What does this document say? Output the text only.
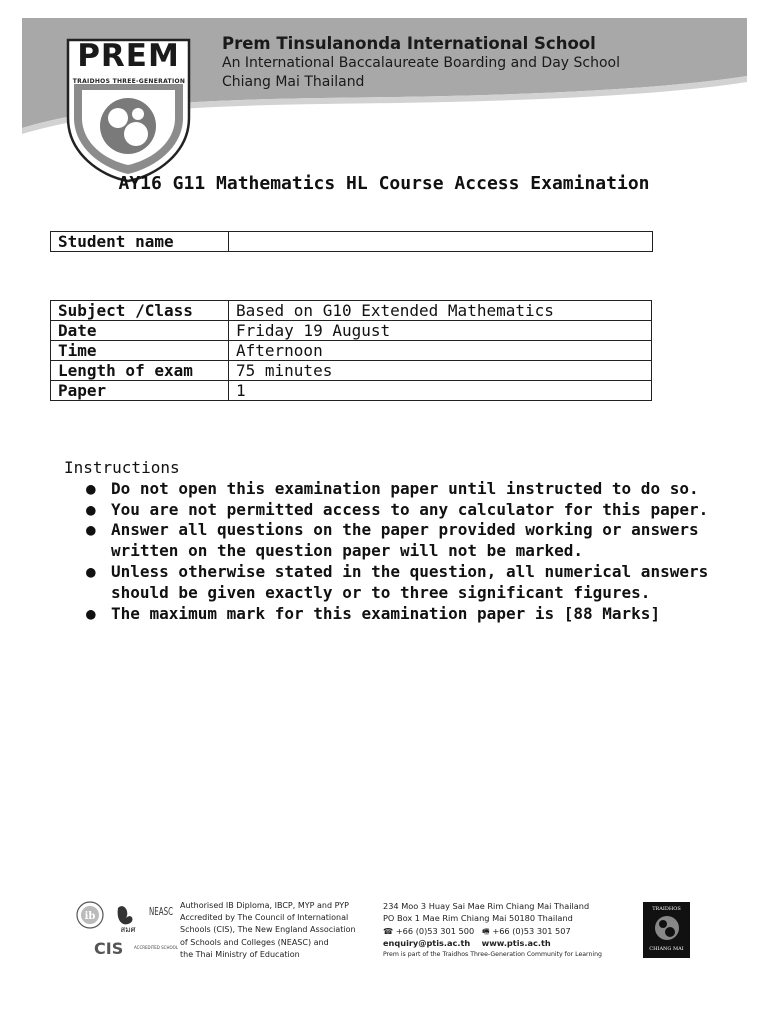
PREM
TRAIDHOS THREE-GENERATION
Prem Tinsulanonda International School
An International Baccalaureate Boarding and Day School
Chiang Mai Thailand
AY16 G11 Mathematics HL Course Access Examination
Student name	
Subject /Class	Based on G10 Extended Mathematics
Date	Friday 19 August
Time	Afternoon
Length of exam	75 minutes
Paper	1
Instructions
● Do not open this examination paper until instructed to do so.
● You are not permitted access to any calculator for this paper.
● Answer all questions on the paper provided working or answers written on the question paper will not be marked.
● Unless otherwise stated in the question, all numerical answers should be given exactly or to three significant figures.
● The maximum mark for this examination paper is [88 Marks]
ib
สมศ
NEASC
CIS	ACCREDITED SCHOOL
Authorised IB Diploma, IBCP, MYP and PYP
Accredited by The Council of International
Schools (CIS), The New England Association
of Schools and Colleges (NEASC) and
the Thai Ministry of Education
234 Moo 3 Huay Sai Mae Rim Chiang Mai Thailand
PO Box 1 Mae Rim Chiang Mai 50180 Thailand
☎ +66 (0)53 301 500 🖷 +66 (0)53 301 507
enquiry@ptis.ac.th www.ptis.ac.th
Prem is part of the Traidhos Three-Generation Community for Learning
TRAIDHOS
CHIANG MAI
